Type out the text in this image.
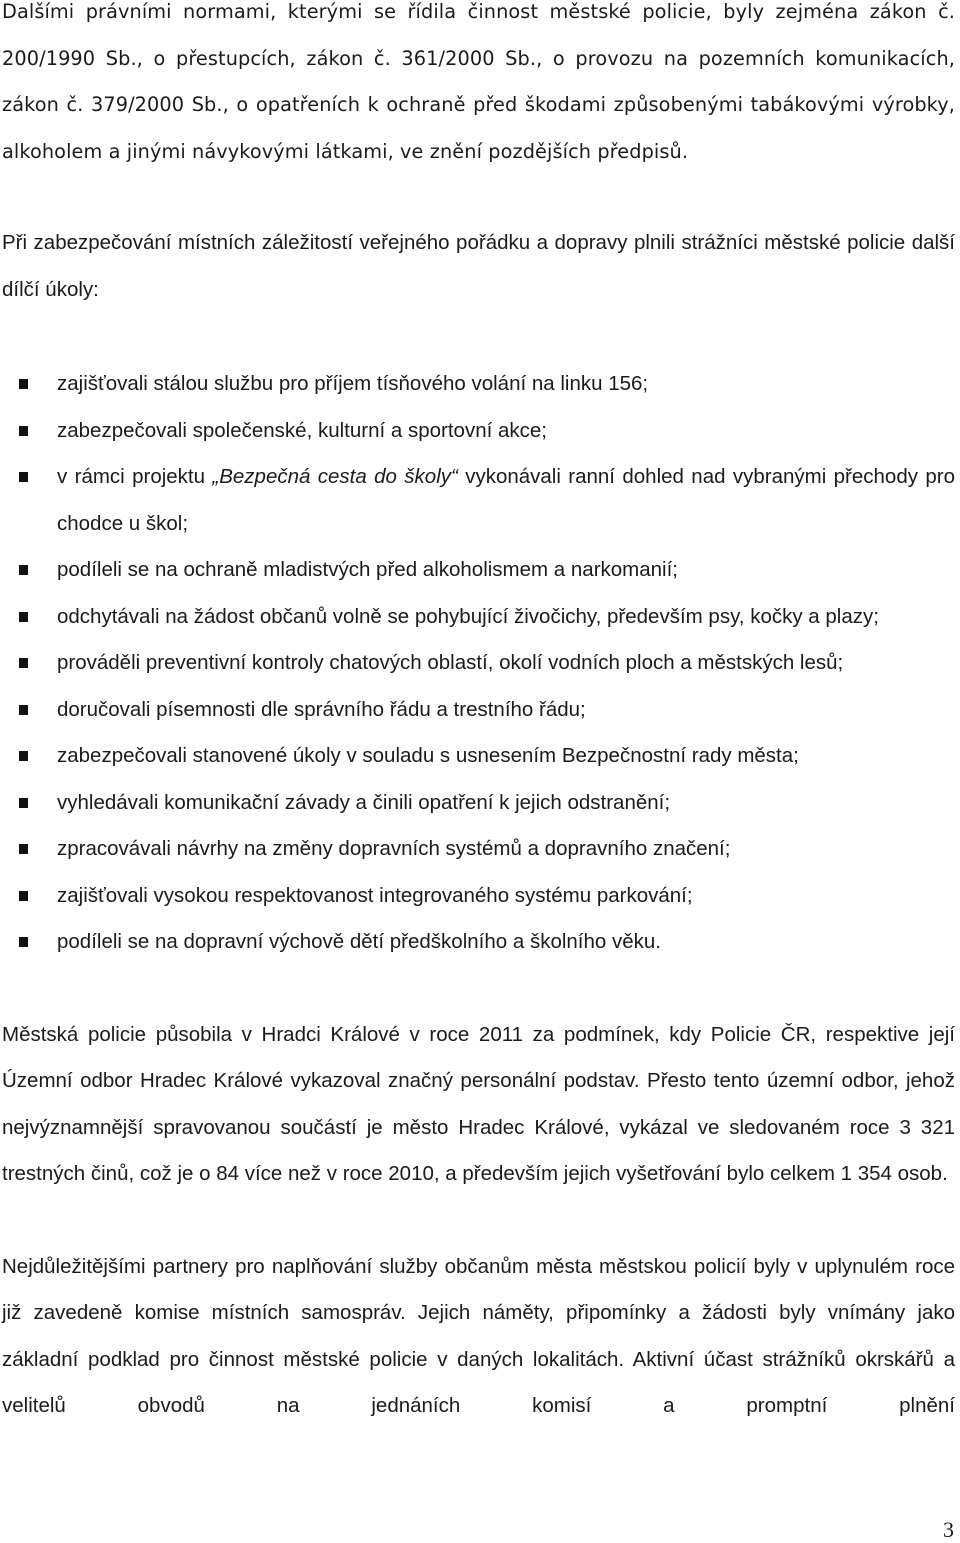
Dalšími právními normami, kterými se řídila činnost městské policie, byly zejména zákon č. 200/1990 Sb., o přestupcích, zákon č. 361/2000 Sb., o provozu na pozemních komunikacích, zákon č. 379/2000 Sb., o opatřeních k ochraně před škodami způsobenými tabákovými výrobky, alkoholem a jinými návykovými látkami, ve znění pozdějších předpisů.

Při zabezpečování místních záležitostí veřejného pořádku a dopravy plnili strážníci městské policie další dílčí úkoly:

zajišťovali stálou službu pro příjem tísňového volání na linku 156;
zabezpečovali společenské, kulturní a sportovní akce;
v rámci projektu „Bezpečná cesta do školy“ vykonávali ranní dohled nad vybranými přechody pro chodce u škol;
podíleli se na ochraně mladistvých před alkoholismem a narkomanií;
odchytávali na žádost občanů volně se pohybující živočichy, především psy, kočky a plazy;
prováděli preventivní kontroly chatových oblastí, okolí vodních ploch a městských lesů;
doručovali písemnosti dle správního řádu a trestního řádu;
zabezpečovali stanovené úkoly v souladu s usnesením Bezpečnostní rady města;
vyhledávali komunikační závady a činili opatření k jejich odstranění;
zpracovávali návrhy na změny dopravních systémů a dopravního značení;
zajišťovali vysokou respektovanost integrovaného systému parkování;
podíleli se na dopravní výchově dětí předškolního a školního věku.

Městská policie působila v Hradci Králové v roce 2011 za podmínek, kdy Policie ČR, respektive její Územní odbor Hradec Králové vykazoval značný personální podstav. Přesto tento územní odbor, jehož nejvýznamnější spravovanou součástí je město Hradec Králové, vykázal ve sledovaném roce 3 321 trestných činů, což je o 84 více než v roce 2010, a především jejich vyšetřování bylo celkem 1 354 osob.

Nejdůležitějšími partnery pro naplňování služby občanům města městskou policií byly v uplynulém roce již zavedeně komise místních samospráv. Jejich náměty, připomínky a žádosti byly vnímány jako základní podklad pro činnost městské policie v daných lokalitách. Aktivní účast strážníků okrskářů a velitelů obvodů na jednáních komisí a promptní plnění

3
